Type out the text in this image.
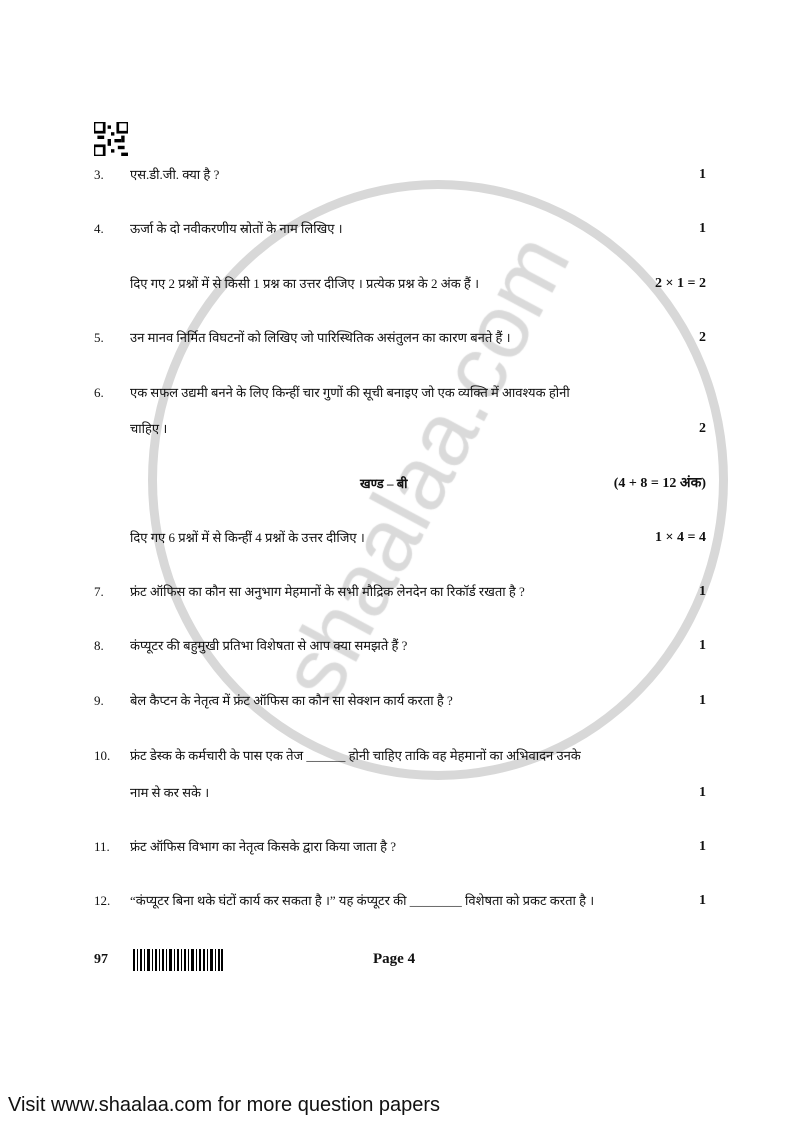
3. एस.डी.जी. क्या है ?	1
4. ऊर्जा के दो नवीकरणीय स्रोतों के नाम लिखिए ।	1
दिए गए 2 प्रश्नों में से किसी 1 प्रश्न का उत्तर दीजिए । प्रत्येक प्रश्न के 2 अंक हैं ।	2 × 1 = 2
5. उन मानव निर्मित विघटनों को लिखिए जो पारिस्थितिक असंतुलन का कारण बनते हैं ।	2
6. एक सफल उद्यमी बनने के लिए किन्हीं चार गुणों की सूची बनाइए जो एक व्यक्ति में आवश्यक होनी
चाहिए ।	2
खण्ड – बी	(4 + 8 = 12 अंक)
दिए गए 6 प्रश्नों में से किन्हीं 4 प्रश्नों के उत्तर दीजिए ।	1 × 4 = 4
7. फ्रंट ऑफिस का कौन सा अनुभाग मेहमानों के सभी मौद्रिक लेनदेन का रिकॉर्ड रखता है ?	1
8. कंप्यूटर की बहुमुखी प्रतिभा विशेषता से आप क्या समझते हैं ?	1
9. बेल कैप्टन के नेतृत्व में फ्रंट ऑफिस का कौन सा सेक्शन कार्य करता है ?	1
10. फ्रंट डेस्क के कर्मचारी के पास एक तेज ______ होनी चाहिए ताकि वह मेहमानों का अभिवादन उनके
नाम से कर सके ।	1
11. फ्रंट ऑफिस विभाग का नेतृत्व किसके द्वारा किया जाता है ?	1
12. “कंप्यूटर बिना थके घंटों कार्य कर सकता है ।” यह कंप्यूटर की ________ विशेषता को प्रकट करता है ।	1
97	Page 4
Visit www.shaalaa.com for more question papers
